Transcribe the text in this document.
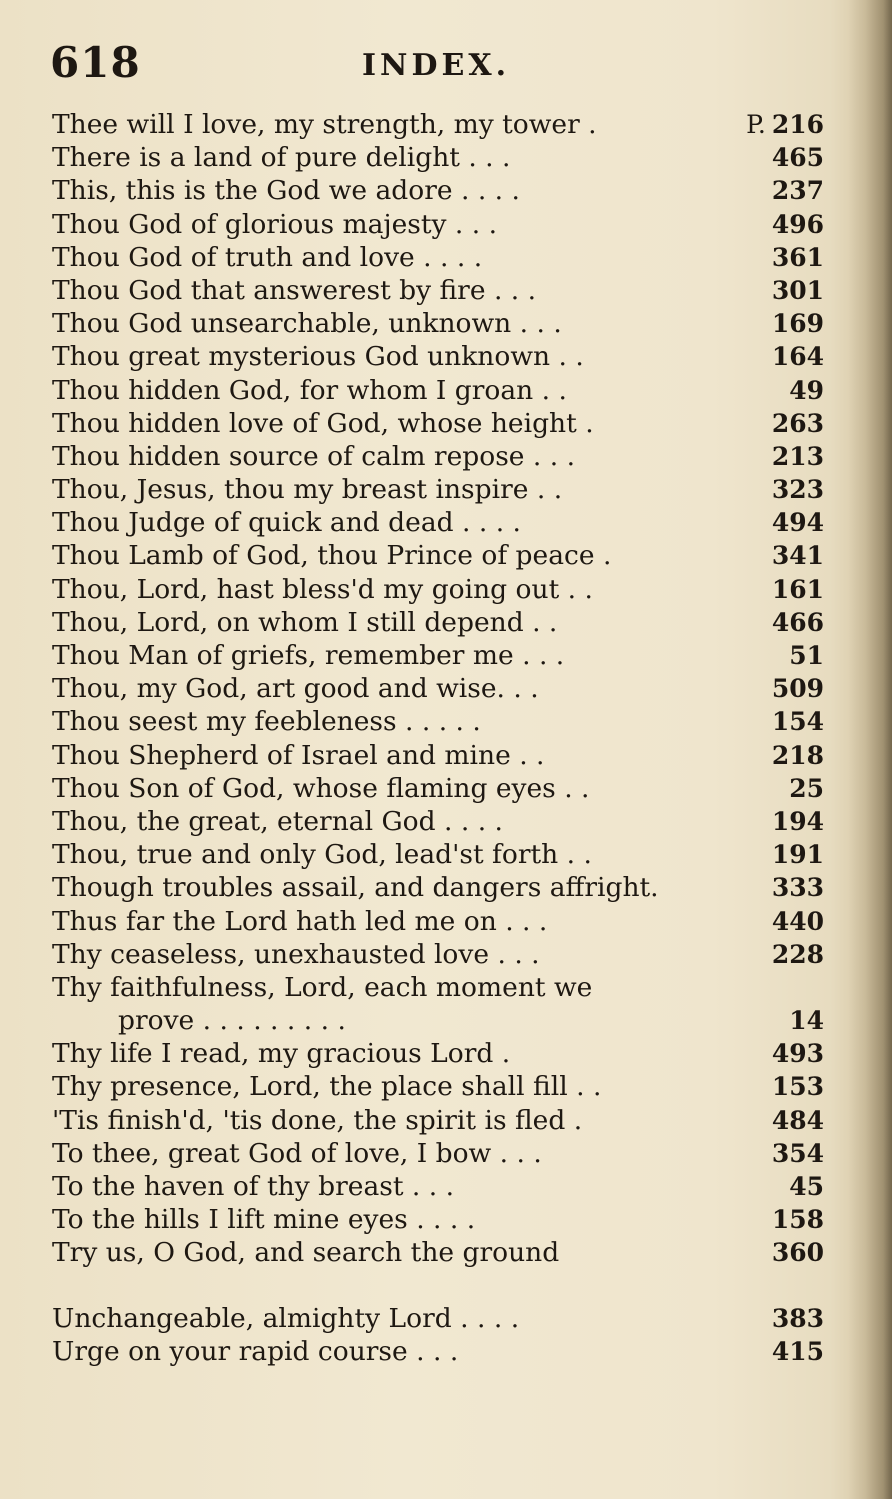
618	INDEX.
Thee will I love, my strength, my tower .	P. 216
There is a land of pure delight . . .	465
This, this is the God we adore . . . .	237
Thou God of glorious majesty . . .	496
Thou God of truth and love . . . .	361
Thou God that answerest by fire . . .	301
Thou God unsearchable, unknown . . .	169
Thou great mysterious God unknown . .	164
Thou hidden God, for whom I groan . .	49
Thou hidden love of God, whose height .	263
Thou hidden source of calm repose . . .	213
Thou, Jesus, thou my breast inspire . .	323
Thou Judge of quick and dead . . . .	494
Thou Lamb of God, thou Prince of peace .	341
Thou, Lord, hast bless'd my going out . .	161
Thou, Lord, on whom I still depend . .	466
Thou Man of griefs, remember me . . .	51
Thou, my God, art good and wise. . .	509
Thou seest my feebleness . . . . .	154
Thou Shepherd of Israel and mine . .	218
Thou Son of God, whose flaming eyes . .	25
Thou, the great, eternal God . . . .	194
Thou, true and only God, lead'st forth . .	191
Though troubles assail, and dangers affright.	333
Thus far the Lord hath led me on . . .	440
Thy ceaseless, unexhausted love . . .	228
Thy faithfulness, Lord, each moment we
prove . . . . . . . . .	14
Thy life I read, my gracious Lord .	493
Thy presence, Lord, the place shall fill . .	153
'Tis finish'd, 'tis done, the spirit is fled .	484
To thee, great God of love, I bow . . .	354
To the haven of thy breast . . .	45
To the hills I lift mine eyes . . . .	158
Try us, O God, and search the ground	360
Unchangeable, almighty Lord . . . .	383
Urge on your rapid course . . .	415
